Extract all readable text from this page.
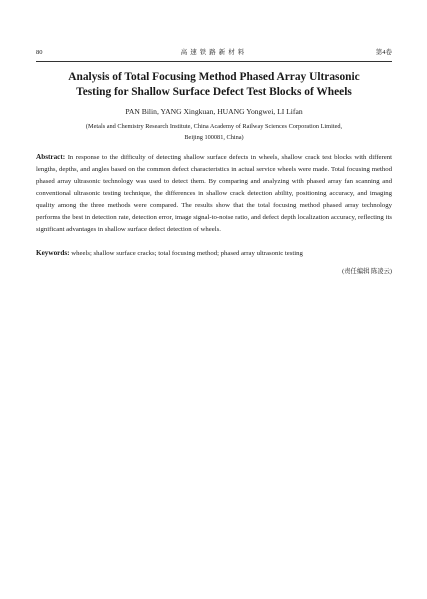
80	高速铁路新材料	第4卷
Analysis of Total Focusing Method Phased Array Ultrasonic
Testing for Shallow Surface Defect Test Blocks of Wheels
PAN Bilin, YANG Xingkuan, HUANG Yongwei, LI Lifan
(Metals and Chemistry Research Institute, China Academy of Railway Sciences Corporation Limited,
Beijing 100081, China)
Abstract: In response to the difficulty of detecting shallow surface defects in wheels, shallow crack test blocks with different lengths, depths, and angles based on the common defect characteristics in actual service wheels were made. Total focusing method phased array ultrasonic technology was used to detect them. By comparing and analyzing with phased array fan scanning and conventional ultrasonic testing technique, the differences in shallow crack detection ability, positioning accuracy, and imaging quality among the three methods were compared. The results show that the total focusing method phased array technology performs the best in detection rate, detection error, image signal-to-noise ratio, and defect depth localization accuracy, reflecting its significant advantages in shallow surface defect detection of wheels.
Keywords: wheels; shallow surface cracks; total focusing method; phased array ultrasonic testing
(责任编辑 陈凌云)
